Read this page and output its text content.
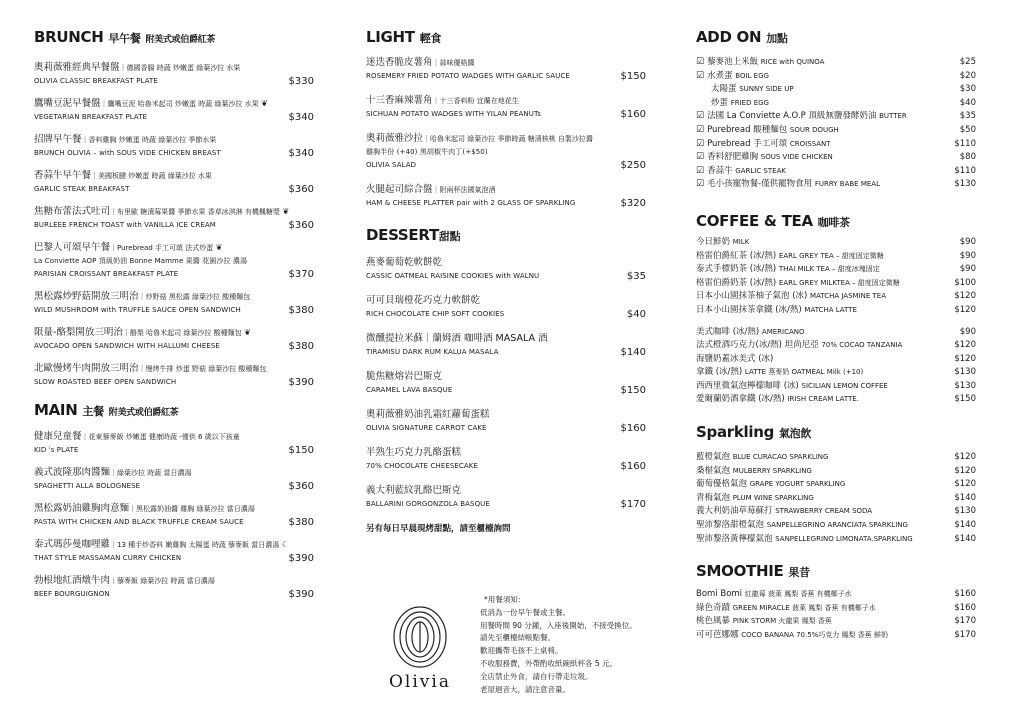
BRUNCH 早午餐 附美式或伯爵紅茶
奧莉薇雅經典早餐盤｜德國香腸 時蔬 炒嫩蛋 綠葉沙拉 水果
OLIVIA CLASSIC BREAKFAST PLATE	$330
鷹嘴豆泥早餐盤｜鷹嘴豆泥 哈魯米起司 炒嫩蛋 時蔬 綠葉沙拉 水果 ❦
VEGETARIAN BREAKFAST PLATE	$340
招牌早午餐｜香料雞胸 炒嫩蛋 時蔬 綠葉沙拉 季節水果
BRUNCH OLIVIA – with SOUS VIDE CHICKEN BREAST	$340
香蒜牛早午餐｜美國板腱 炒嫩蛋 時蔬 綠葉沙拉 水果
GARLIC STEAK BREAKFAST	$360
焦糖布蕾法式吐司｜布里歐 糖漬莓果醬 季節水果 香草冰淇淋 有機楓糖漿 ❦
BURLEEE FRENCH TOAST with VANILLA ICE CREAM	$360
巴黎人可頌早午餐｜Purebread 手工可頌 法式炒蛋 ❦
La Conviette AOP 頂級奶油 Bonne Mamme 果醬 花園沙拉 濃湯
PARISIAN CROISSANT BREAKFAST PLATE	$370
黑松露炒野菇開放三明治｜炒野菇 黑松露 綠葉沙拉 酸種麵包
WILD MUSHROOM with TRUFFLE SAUCE OPEN SANDWICH	$380
限量-酪梨開放三明治｜酪梨 哈魯米起司 綠葉沙拉 酸種麵包 ❦
AVOCADO OPEN SANDWICH WITH HALLUMI CHEESE	$380
北歐慢烤牛肉開放三明治｜慢烤牛排 炒蛋 野菇 綠葉沙拉 酸種麵包
SLOW ROASTED BEEF OPEN SANDWICH	$390
MAIN 主餐 附美式或伯爵紅茶
健康兒童餐｜花東藜麥飯 炒嫩蛋 健康時蔬 -僅供 6 歲以下孩童
KID 's PLATE	$150
義式波隆那肉醬麵｜綠葉沙拉 時蔬 當日濃湯
SPAGHETTI ALLA BOLOGNESE	$360
黑松露奶油雞胸肉意麵｜黑松露奶油醬 雞胸 綠葉沙拉 當日濃湯
PASTA WITH CHICKEN AND BLACK TRUFFLE CREAM SAUCE	$380
泰式瑪莎曼咖哩雞｜13 種手炒香料 嫩雞胸 太陽蛋 時蔬 藜麥飯 當日濃湯 ☾
THAT STYLE MASSAMAN CURRY CHICKEN	$390
勃根地紅酒燉牛肉｜藜麥飯 綠葉沙拉 時蔬 當日濃湯
BEEF BOURGUIGNON	$390
LIGHT 輕食
迷迭香脆皮薯角｜蒜味優格醬
ROSEMERY FRIED POTATO WADGES WITH GARLIC SAUCE	$150
十三香麻辣薯角｜十三香料粉 宜蘭在地花生
SICHUAN POTATO WADGES WITH YILAN PEANUTs	$160
奧莉薇雅沙拉｜哈魯米起司 綠葉沙拉 季節時蔬 糖漬核桃 自製沙拉醬
雞胸半份 (+40) 黑胡椒牛肉丁(+$50)
OLIVIA SALAD	$250
火腿起司綜合盤｜附兩杯法國氣泡酒
HAM & CHEESE PLATTER pair with 2 GLASS OF SPARKLING	$320
DESSERT甜點
燕麥葡萄乾軟餅乾
CASSIC OATMEAL RAISINE COOKIES with WALNU	$35
可可貝瑞橙花巧克力軟餅乾
RICH CHOCOLATE CHIP SOFT COOKIES	$40
微醺提拉米蘇｜蘭姆酒 咖啡酒 MASALA 酒
TIRAMISU DARK RUM KALUA MASALA	$140
脆焦糖熔岩巴斯克
CARAMEL LAVA BASQUE	$150
奧莉薇雅奶油乳霜紅蘿蔔蛋糕
OLIVIA SIGNATURE CARROT CAKE	$160
半熟生巧克力乳酪蛋糕
70% CHOCOLATE CHEESECAKE	$160
義大利藍紋乳酪巴斯克
BALLARINI GORGONZOLA BASQUE	$170
另有每日早晨現烤甜點，請至櫃檯詢問
Olivia
*用餐須知：
低消為一份早午餐或主餐。
用餐時間 90 分鐘，入座後開始，不接受換位。
請先至櫃檯結帳點餐。
歡迎攜帶毛孩不上桌椅。
不收服務費，外帶酌收紙碗紙杯各 5 元。
全店禁止外食，請自行帶走垃圾。
老屋迴音大，請注意音量。
ADD ON 加點
☑ 藜麥池上米飯 RICE with QUINOA	$25
☑ 水煮蛋 BOIL EGG	$20
太陽蛋 SUNNY SIDE UP	$30
炒蛋 FRIED EGG	$40
☑ 法國 La Conviette A.O.P 頂級無鹽發酵奶油 BUTTER	$35
☑ Purebread 酸種麵包 SOUR DOUGH	$50
☑ Purebread 手工可頌 CROISSANT	$110
☑ 香料舒肥雞胸 SOUS VIDE CHICKEN	$80
☑ 香蒜牛 GARLIC STEAK	$110
☑ 毛小孩寵物餐-僅供寵物食用 FURRY BABE MEAL	$130
COFFEE & TEA 咖啡茶
今日鮮奶 MILK	$90
格雷伯爵紅茶 (冰/熱) EARL GREY TEA – 甜度固定微糖	$90
泰式手標奶茶 (冰/熱) THAI MILK TEA – 甜度冰塊固定	$90
格雷伯爵奶茶 (冰/熱) EARL GREY MILKTEA – 甜度固定微糖	$100
日本小山園抹茶柚子氣泡 (冰) MATCHA JASMINE TEA	$120
日本小山園抹茶拿鐵 (冰/熱) MATCHA LATTE	$120
美式咖啡 (冰/熱) AMERICANO	$90
法式橙酒巧克力(冰/熱) 坦尚尼亞 70% COCAO TANZANIA	$120
海鹽奶蓋冰美式 (冰)	$120
拿鐵 (冰/熱) LATTE 燕麥奶 OATMEAL Milk (+10)	$130
西西里微氣泡檸檬咖啡 (冰) SICILIAN LEMON COFFEE	$130
愛爾蘭奶酒拿鐵 (冰/熱) IRISH CREAM LATTE.	$150
Sparkling 氣泡飲
藍橙氣泡 BLUE CURACAO SPARKLING	$120
桑椹氣泡 MULBERRY SPARKLING	$120
葡萄優格氣泡 GRAPE YOGURT SPARKLING	$120
青梅氣泡 PLUM WINE SPARKLING	$140
義大利奶油草莓蘇打 STRAWBERRY CREAM SODA	$130
聖沛黎洛甜橙氣泡 SANPELLEGRINO ARANCIATA SPARKLING	$140
聖沛黎洛黃檸檬氣泡 SANPELLEGRINO LIMONATA.SPARKLING	$140
SMOOTHIE 果昔
Bomi Bomi 紅龍莓 菠萊 鳳梨 香蕉 有機椰子水	$160
綠色奇蹟 GREEN MIRACLE 菠萊 鳳梨 香蕉 有機椰子水	$160
桃色風暴 PINK STORM 火龍果 鳳梨 香蕉	$170
可可芭娜娜 COCO BANANA 70.5%巧克力 鳳梨 香蕉 鮮奶	$170
